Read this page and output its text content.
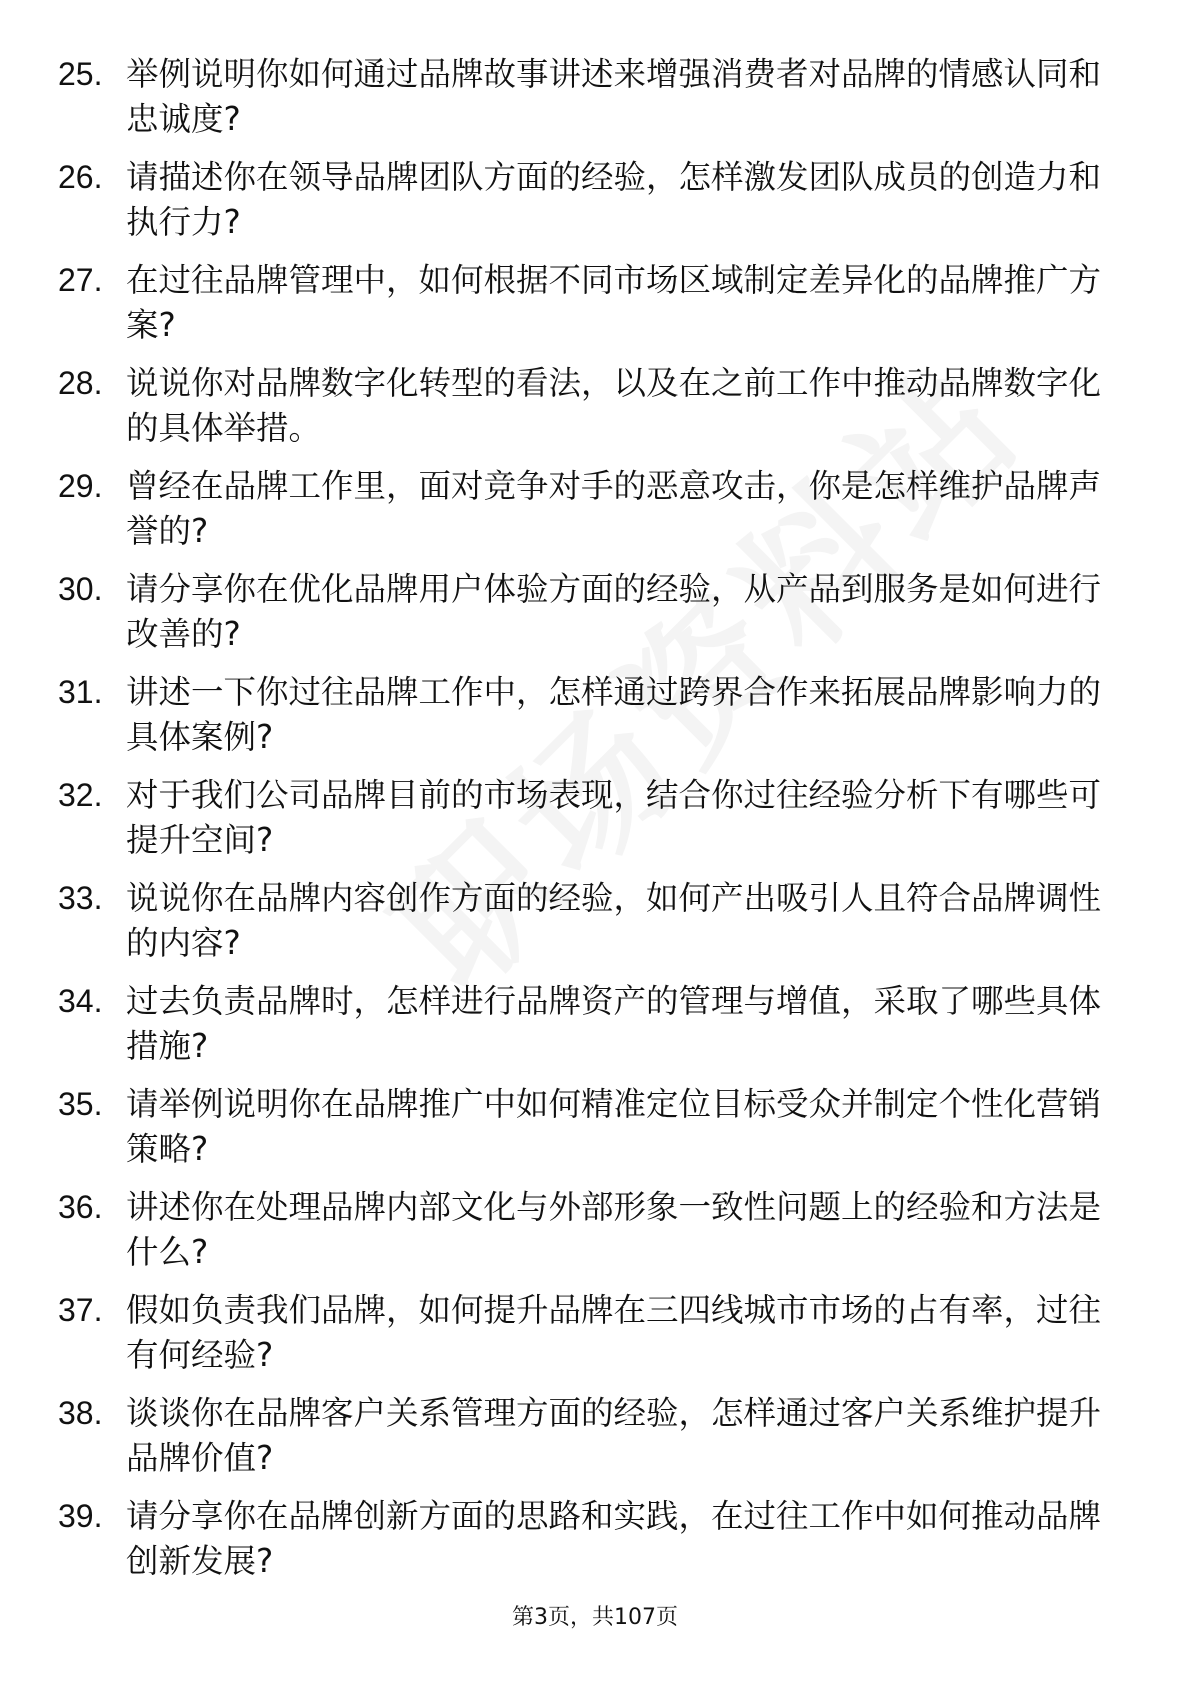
25. 举例说明你如何通过品牌故事讲述来增强消费者对品牌的情感认同和忠诚度?
26. 请描述你在领导品牌团队方面的经验，怎样激发团队成员的创造力和执行力?
27. 在过往品牌管理中，如何根据不同市场区域制定差异化的品牌推广方案?
28. 说说你对品牌数字化转型的看法，以及在之前工作中推动品牌数字化的具体举措。
29. 曾经在品牌工作里，面对竞争对手的恶意攻击，你是怎样维护品牌声誉的?
30. 请分享你在优化品牌用户体验方面的经验，从产品到服务是如何进行改善的?
31. 讲述一下你过往品牌工作中，怎样通过跨界合作来拓展品牌影响力的具体案例?
32. 对于我们公司品牌目前的市场表现，结合你过往经验分析下有哪些可提升空间?
33. 说说你在品牌内容创作方面的经验，如何产出吸引人且符合品牌调性的内容?
34. 过去负责品牌时，怎样进行品牌资产的管理与增值，采取了哪些具体措施?
35. 请举例说明你在品牌推广中如何精准定位目标受众并制定个性化营销策略?
36. 讲述你在处理品牌内部文化与外部形象一致性问题上的经验和方法是什么?
37. 假如负责我们品牌，如何提升品牌在三四线城市市场的占有率，过往有何经验?
38. 谈谈你在品牌客户关系管理方面的经验，怎样通过客户关系维护提升品牌价值?
39. 请分享你在品牌创新方面的思路和实践，在过往工作中如何推动品牌创新发展?
第3页，共107页
